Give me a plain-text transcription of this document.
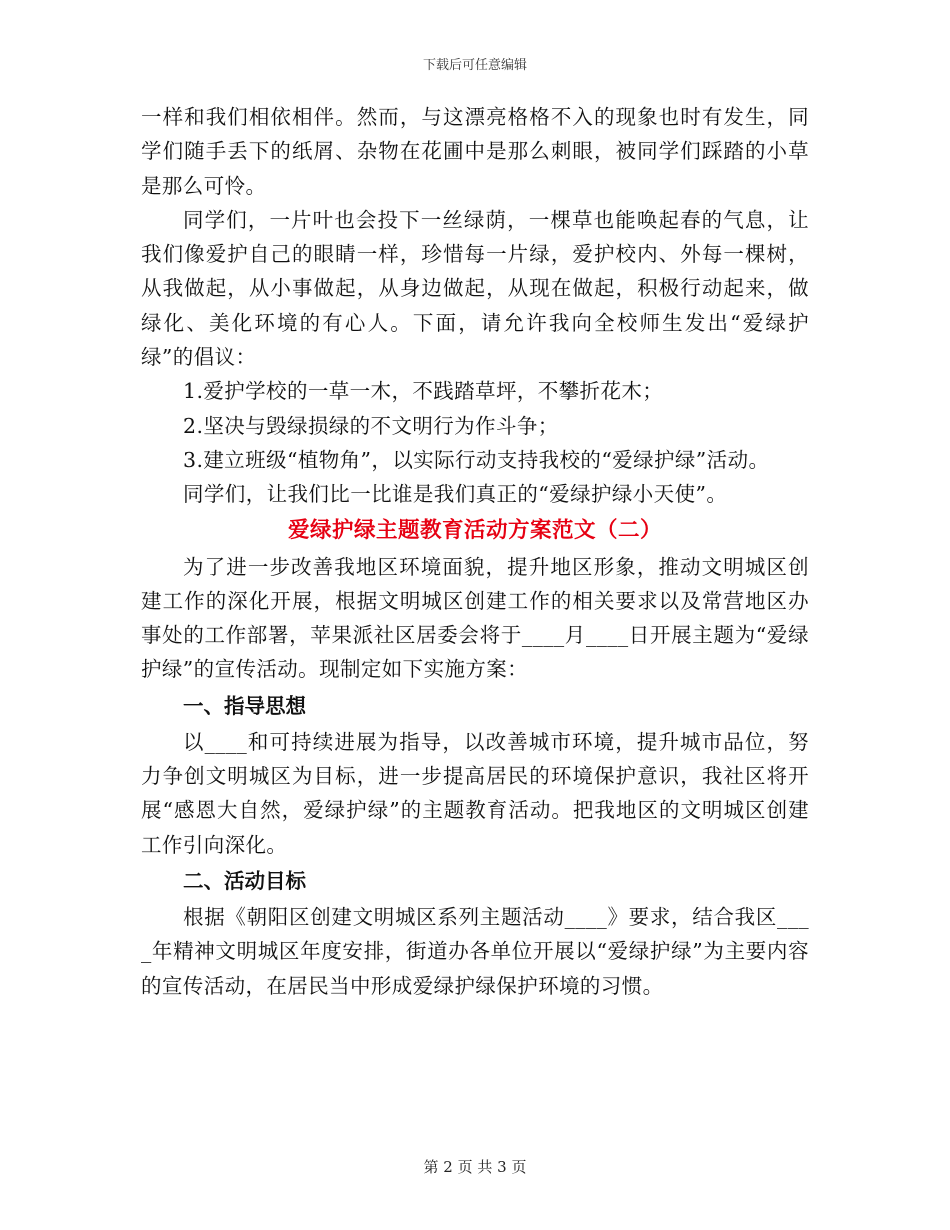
下载后可任意编辑

一样和我们相依相伴。然而，与这漂亮格格不入的现象也时有发生，同学们随手丢下的纸屑、杂物在花圃中是那么刺眼，被同学们踩踏的小草是那么可怜。

同学们，一片叶也会投下一丝绿荫，一棵草也能唤起春的气息，让我们像爱护自己的眼睛一样，珍惜每一片绿，爱护校内、外每一棵树，从我做起，从小事做起，从身边做起，从现在做起，积极行动起来，做绿化、美化环境的有心人。下面，请允许我向全校师生发出“爱绿护绿”的倡议：

1.爱护学校的一草一木，不践踏草坪，不攀折花木；

2.坚决与毁绿损绿的不文明行为作斗争；

3.建立班级“植物角”，以实际行动支持我校的“爱绿护绿”活动。

同学们，让我们比一比谁是我们真正的“爱绿护绿小天使”。

爱绿护绿主题教育活动方案范文（二）

为了进一步改善我地区环境面貌，提升地区形象，推动文明城区创建工作的深化开展，根据文明城区创建工作的相关要求以及常营地区办事处的工作部署，苹果派社区居委会将于____月____日开展主题为“爱绿护绿”的宣传活动。现制定如下实施方案：

一、指导思想

以____和可持续进展为指导，以改善城市环境，提升城市品位，努力争创文明城区为目标，进一步提高居民的环境保护意识，我社区将开展“感恩大自然，爱绿护绿”的主题教育活动。把我地区的文明城区创建工作引向深化。

二、活动目标

根据《朝阳区创建文明城区系列主题活动____》要求，结合我区____年精神文明城区年度安排，街道办各单位开展以“爱绿护绿”为主要内容的宣传活动，在居民当中形成爱绿护绿保护环境的习惯。

第 2 页 共 3 页
